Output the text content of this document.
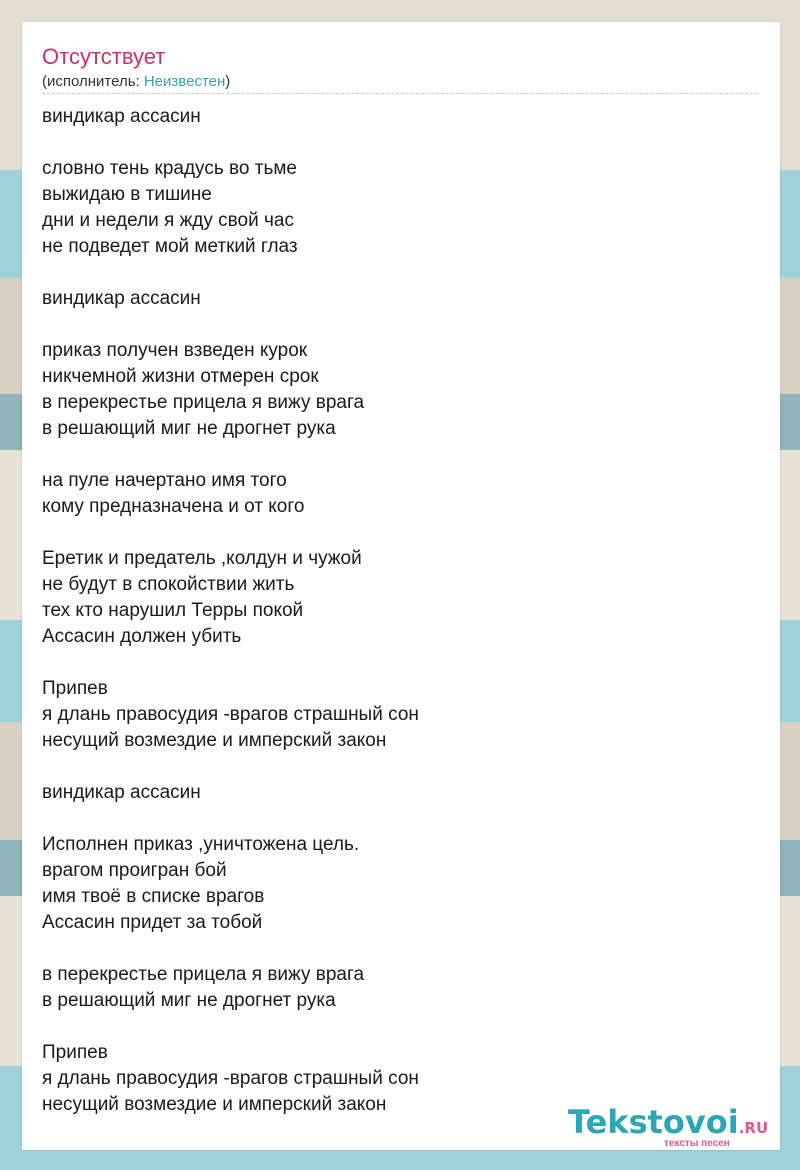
Отсутствует
(исполнитель: Неизвестен)
виндикар ассасин
словно тень крадусь во тьме
выжидаю в тишине
дни и недели я жду свой час
не подведет мой меткий глаз
виндикар ассасин
приказ получен взведен курок
никчемной жизни отмерен срок
в перекрестье прицела я вижу врага
в решающий миг не дрогнет рука
на пуле начертано имя того
кому предназначена и от кого
Еретик и предатель ,колдун и чужой
не будут в спокойствии жить
тех кто нарушил Терры покой
Ассасин должен убить
Припев
я длань правосудия -врагов страшный сон
несущий возмездие и имперский закон
виндикар ассасин
Исполнен приказ ,уничтожена цель.
врагом проигран бой
имя твоё в списке врагов
Ассасин придет за тобой
в перекрестье прицела я вижу врага
в решающий миг не дрогнет рука
Припев
я длань правосудия -врагов страшный сон
несущий возмездие и имперский закон	Tekstovoi.RU
тексты песен
